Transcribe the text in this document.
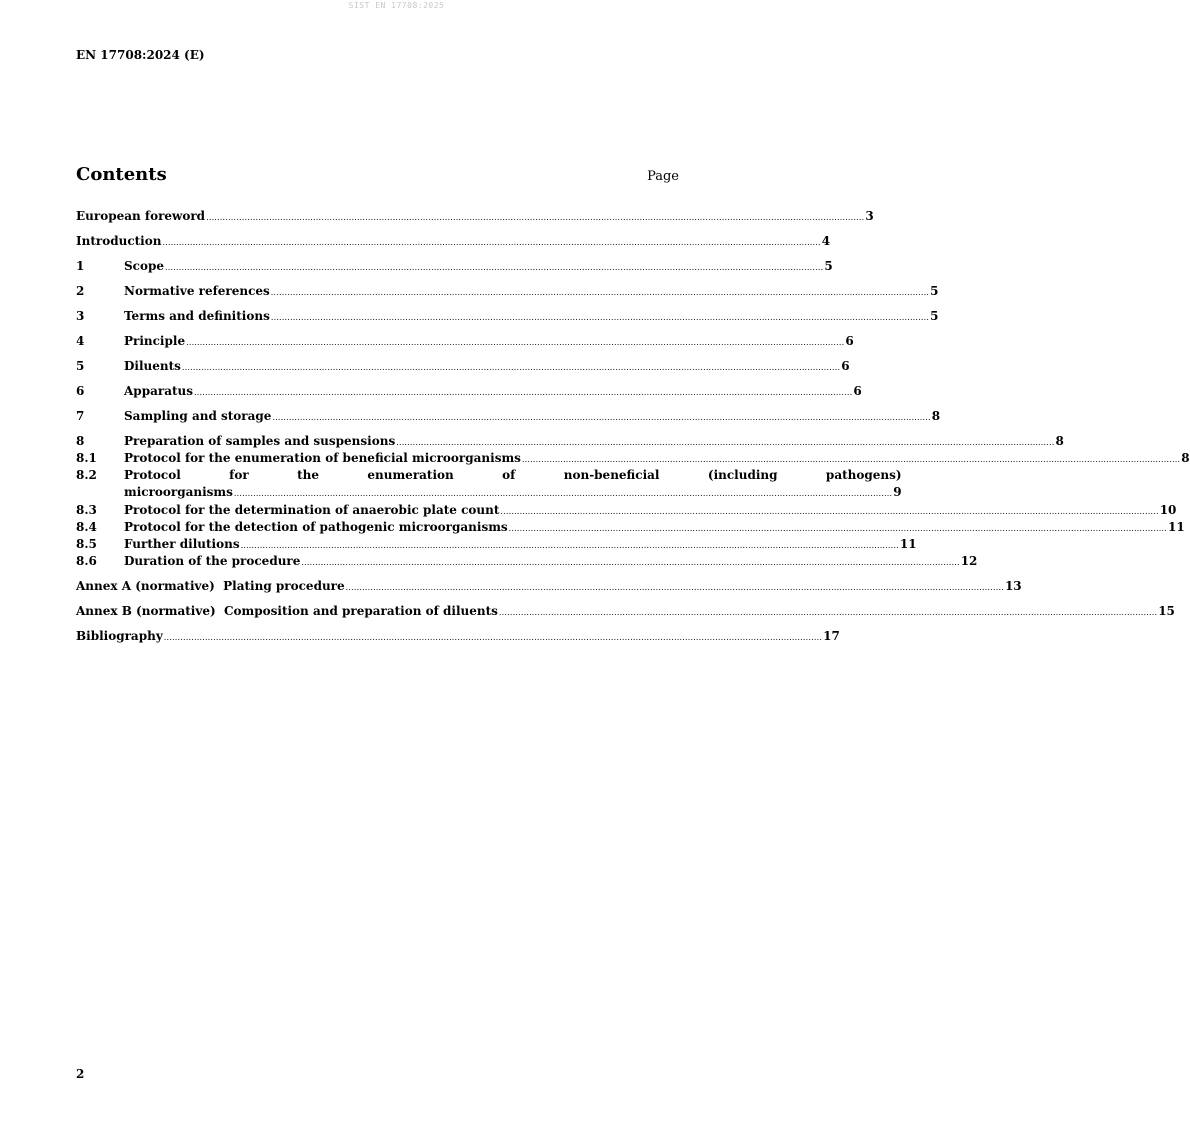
SIST EN 17708:2025
EN 17708:2024 (E)
Contents	Page
European foreword .....	3
Introduction .....	4
1	Scope .....	5
2	Normative references .....	5
3	Terms and definitions .....	5
4	Principle .....	6
5	Diluents .....	6
6	Apparatus .....	6
7	Sampling and storage .....	8
8	Preparation of samples and suspensions .....	8
8.1	Protocol for the enumeration of beneficial microorganisms .....	8
8.2	Protocol for the enumeration of non-beneficial (including pathogens)
microorganisms .....	9
8.3	Protocol for the determination of anaerobic plate count .....	10
8.4	Protocol for the detection of pathogenic microorganisms .....	11
8.5	Further dilutions .....	11
8.6	Duration of the procedure .....	12
Annex A (normative)  Plating procedure .....	13
Annex B (normative)  Composition and preparation of diluents .....	15
Bibliography .....	17
2
